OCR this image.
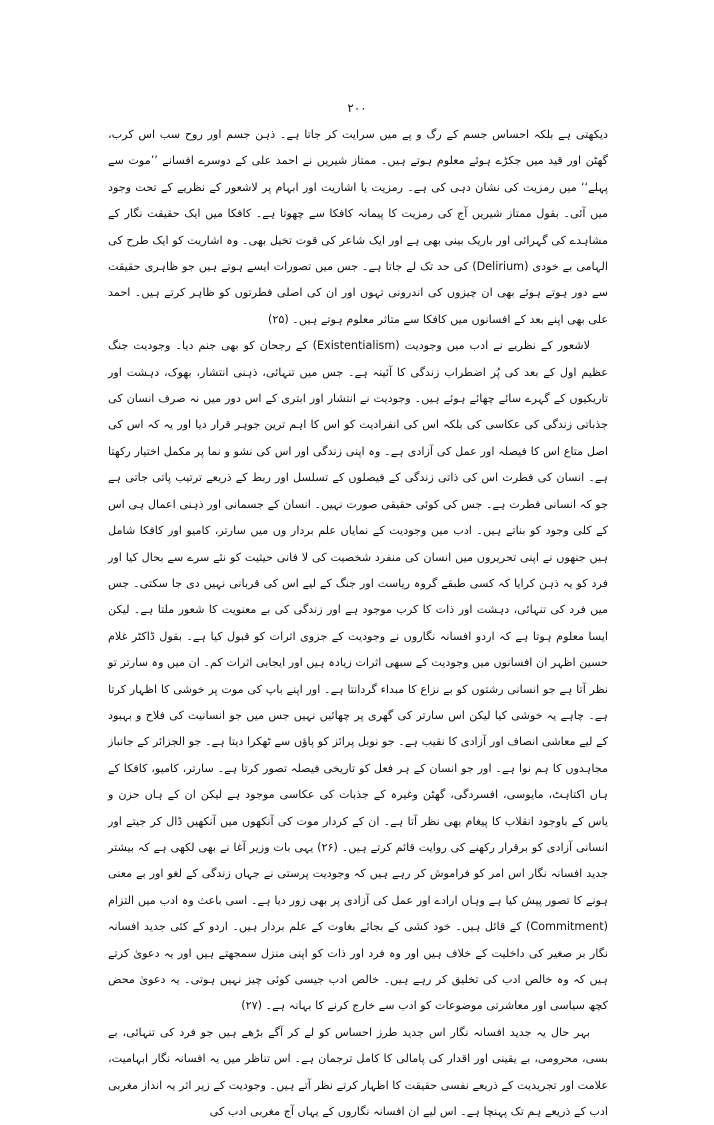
۲۰۰

دیکھتی ہے بلکہ احساس جسم کے رگ و پے میں سرایت کر جاتا ہے۔ ذہن جسم اور روح سب اس کرب، گھٹن اور قید میں جکڑے ہوئے معلوم ہوتے ہیں۔ ممتاز شیریں نے احمد علی کے دوسرے افسانے ’’موت سے پہلے‘‘ میں رمزیت کی نشان دہی کی ہے۔ رمزیت یا اشاریت اور ابہام پر لاشعور کے نظریے کے تحت وجود میں آئی۔ بقول ممتاز شیریں آج کی رمزیت کا پیمانہ کافکا سے چھوتا ہے۔ کافکا میں ایک حقیقت نگار کے مشاہدے کی گہرائی اور باریک بینی بھی ہے اور ایک شاعر کی قوت تخیل بھی۔ وہ اشاریت کو ایک طرح کی الہامی بے خودی (Delirium) کی حد تک لے جاتا ہے۔ جس میں تصورات ایسے ہوتے ہیں جو ظاہری حقیقت سے دور ہوتے ہوئے بھی ان چیزوں کی اندرونی تہوں اور ان کی اصلی فطرتوں کو ظاہر کرتے ہیں۔ احمد علی بھی اپنے بعد کے افسانوں میں کافکا سے متاثر معلوم ہوتے ہیں۔ (۲۵)

لاشعور کے نظریے نے ادب میں وجودیت (Existentialism) کے رجحان کو بھی جنم دیا۔ وجودیت جنگ عظیم اول کے بعد کی پُر اضطراب زندگی کا آئینہ ہے۔ جس میں تنہائی، ذہنی انتشار، بھوک، دہشت اور تاریکیوں کے گہرے سائے چھائے ہوئے ہیں۔ وجودیت نے انتشار اور ابتری کے اس دور میں نہ صرف انسان کی جذباتی زندگی کی عکاسی کی بلکہ اس کی انفرادیت کو اس کا اہم ترین جوہر قرار دیا اور یہ کہ اس کی اصل متاع اس کا فیصلہ اور عمل کی آزادی ہے۔ وہ اپنی زندگی اور اس کی نشو و نما پر مکمل اختیار رکھتا ہے۔ انسان کی فطرت اس کی ذاتی زندگی کے فیصلوں کے تسلسل اور ربط کے ذریعے ترتیب پاتی جاتی ہے جو کہ انسانی فطرت ہے۔ جس کی کوئی حقیقی صورت نہیں۔ انسان کے جسمانی اور ذہنی اعمال ہی اس کے کلی وجود کو بناتے ہیں۔ ادب میں وجودیت کے نمایاں علم بردار وں میں سارتر، کامیو اور کافکا شامل ہیں جنھوں نے اپنی تحریروں میں انسان کی منفرد شخصیت کی لا فانی حیثیت کو نئے سرے سے بحال کیا اور فرد کو یہ ذہن کرایا کہ کسی طبقے گروہ ریاست اور جنگ کے لیے اس کی قربانی نہیں دی جا سکتی۔ جس میں فرد کی تنہائی، دہشت اور ذات کا کرب موجود ہے اور زندگی کی بے معنویت کا شعور ملتا ہے۔ لیکن ایسا معلوم ہوتا ہے کہ اردو افسانہ نگاروں نے وجودیت کے جزوی اثرات کو قبول کیا ہے۔ بقول ڈاکٹر غلام حسین اظہر ان افسانوں میں وجودیت کے سبھی اثرات زیادہ ہیں اور ایجابی اثرات کم۔ ان میں وہ سارتر تو نظر آتا ہے جو انسانی رشتوں کو بے نزاع کا مبداء گردانتا ہے۔ اور اپنے باپ کی موت پر خوشی کا اظہار کرتا ہے۔ چاہے یہ خوشی کیا لیکن اس سارتر کی گھری پر چھائیں نہیں جس میں جو انسانیت کی فلاح و بہبود کے لیے معاشی انصاف اور آزادی کا نقیب ہے۔ جو نوبل پرائز کو پاؤں سے ٹھکرا دیتا ہے۔ جو الجزائر کے جانباز مجاہدوں کا ہم نوا ہے۔ اور جو انسان کے ہر فعل کو تاریخی فیصلہ تصور کرتا ہے۔ سارتر، کامیو، کافکا کے ہاں اکتاہٹ، مایوسی، افسردگی، گھٹن وغیرہ کے جذبات کی عکاسی موجود ہے لیکن ان کے ہاں حزن و یاس کے باوجود انقلاب کا پیغام بھی نظر آتا ہے۔ ان کے کردار موت کی آنکھوں میں آنکھیں ڈال کر جیتے اور انسانی آزادی کو برقرار رکھنے کی روایت قائم کرتے ہیں۔ (۲۶) یہی بات وزیر آغا نے بھی لکھی ہے کہ بیشتر جدید افسانہ نگار اس امر کو فراموش کر رہے ہیں کہ وجودیت پرستی نے جہاں زندگی کے لغو اور بے معنی ہونے کا تصور پیش کیا ہے وہاں ارادے اور عمل کی آزادی پر بھی زور دیا ہے۔ اسی باعث وہ ادب میں التزام (Commitment) کے قائل ہیں۔ خود کشی کے بجائے بغاوت کے علم بردار ہیں۔ اردو کے کئی جدید افسانہ نگار بر صغیر کی داخلیت کے خلاف ہیں اور وہ فرد اور ذات کو اپنی منزل سمجھتے ہیں اور یہ دعویٰ کرتے ہیں کہ وہ خالص ادب کی تخلیق کر رہے ہیں۔ خالص ادب جیسی کوئی چیز نہیں ہوتی۔ یہ دعویٰ محض کچھ سیاسی اور معاشرتی موضوعات کو ادب سے خارج کرنے کا بہانہ ہے۔ (۲۷)

بہر حال یہ جدید افسانہ نگار اس جدید طرز احساس کو لے کر آگے بڑھے ہیں جو فرد کی تنہائی، بے بسی، محرومی، بے یقینی اور اقدار کی پامالی کا کامل ترجمان ہے۔ اس تناظر میں یہ افسانہ نگار ابہامیت، علامت اور تجریدیت کے ذریعے نفسی حقیقت کا اظہار کرتے نظر آتے ہیں۔ وجودیت کے زیر اثر یہ انداز مغربی ادب کے ذریعے ہم تک پہنچا ہے۔ اس لیے ان افسانہ نگاروں کے یہاں آج مغربی ادب کی
